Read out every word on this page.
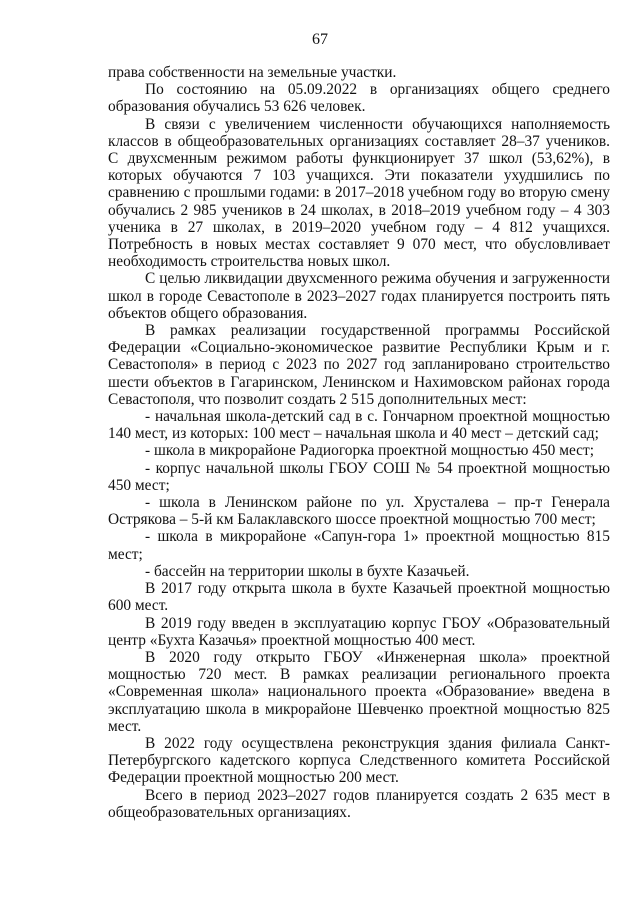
67

права собственности на земельные участки.

По состоянию на 05.09.2022 в организациях общего среднего образования обучались 53 626 человек.

В связи с увеличением численности обучающихся наполняемость классов в общеобразовательных организациях составляет 28–37 учеников. С двухсменным режимом работы функционирует 37 школ (53,62%), в которых обучаются 7 103 учащихся. Эти показатели ухудшились по сравнению с прошлыми годами: в 2017–2018 учебном году во вторую смену обучались 2 985 учеников в 24 школах, в 2018–2019 учебном году – 4 303 ученика в 27 школах, в 2019–2020 учебном году – 4 812 учащихся. Потребность в новых местах составляет 9 070 мест, что обусловливает необходимость строительства новых школ.

С целью ликвидации двухсменного режима обучения и загруженности школ в городе Севастополе в 2023–2027 годах планируется построить пять объектов общего образования.

В рамках реализации государственной программы Российской Федерации «Социально-экономическое развитие Республики Крым и г. Севастополя» в период с 2023 по 2027 год запланировано строительство шести объектов в Гагаринском, Ленинском и Нахимовском районах города Севастополя, что позволит создать 2 515 дополнительных мест:

- начальная школа-детский сад в с. Гончарном проектной мощностью 140 мест, из которых: 100 мест – начальная школа и 40 мест – детский сад;

- школа в микрорайоне Радиогорка проектной мощностью 450 мест;

- корпус начальной школы ГБОУ СОШ № 54 проектной мощностью 450 мест;

- школа в Ленинском районе по ул. Хрусталева – пр-т Генерала Острякова – 5-й км Балаклавского шоссе проектной мощностью 700 мест;

- школа в микрорайоне «Сапун-гора 1» проектной мощностью 815 мест;

- бассейн на территории школы в бухте Казачьей.

В 2017 году открыта школа в бухте Казачьей проектной мощностью 600 мест.

В 2019 году введен в эксплуатацию корпус ГБОУ «Образовательный центр «Бухта Казачья» проектной мощностью 400 мест.

В 2020 году открыто ГБОУ «Инженерная школа» проектной мощностью 720 мест. В рамках реализации регионального проекта «Современная школа» национального проекта «Образование» введена в эксплуатацию школа в микрорайоне Шевченко проектной мощностью 825 мест.

В 2022 году осуществлена реконструкция здания филиала Санкт-Петербургского кадетского корпуса Следственного комитета Российской Федерации проектной мощностью 200 мест.

Всего в период 2023–2027 годов планируется создать 2 635 мест в общеобразовательных организациях.
